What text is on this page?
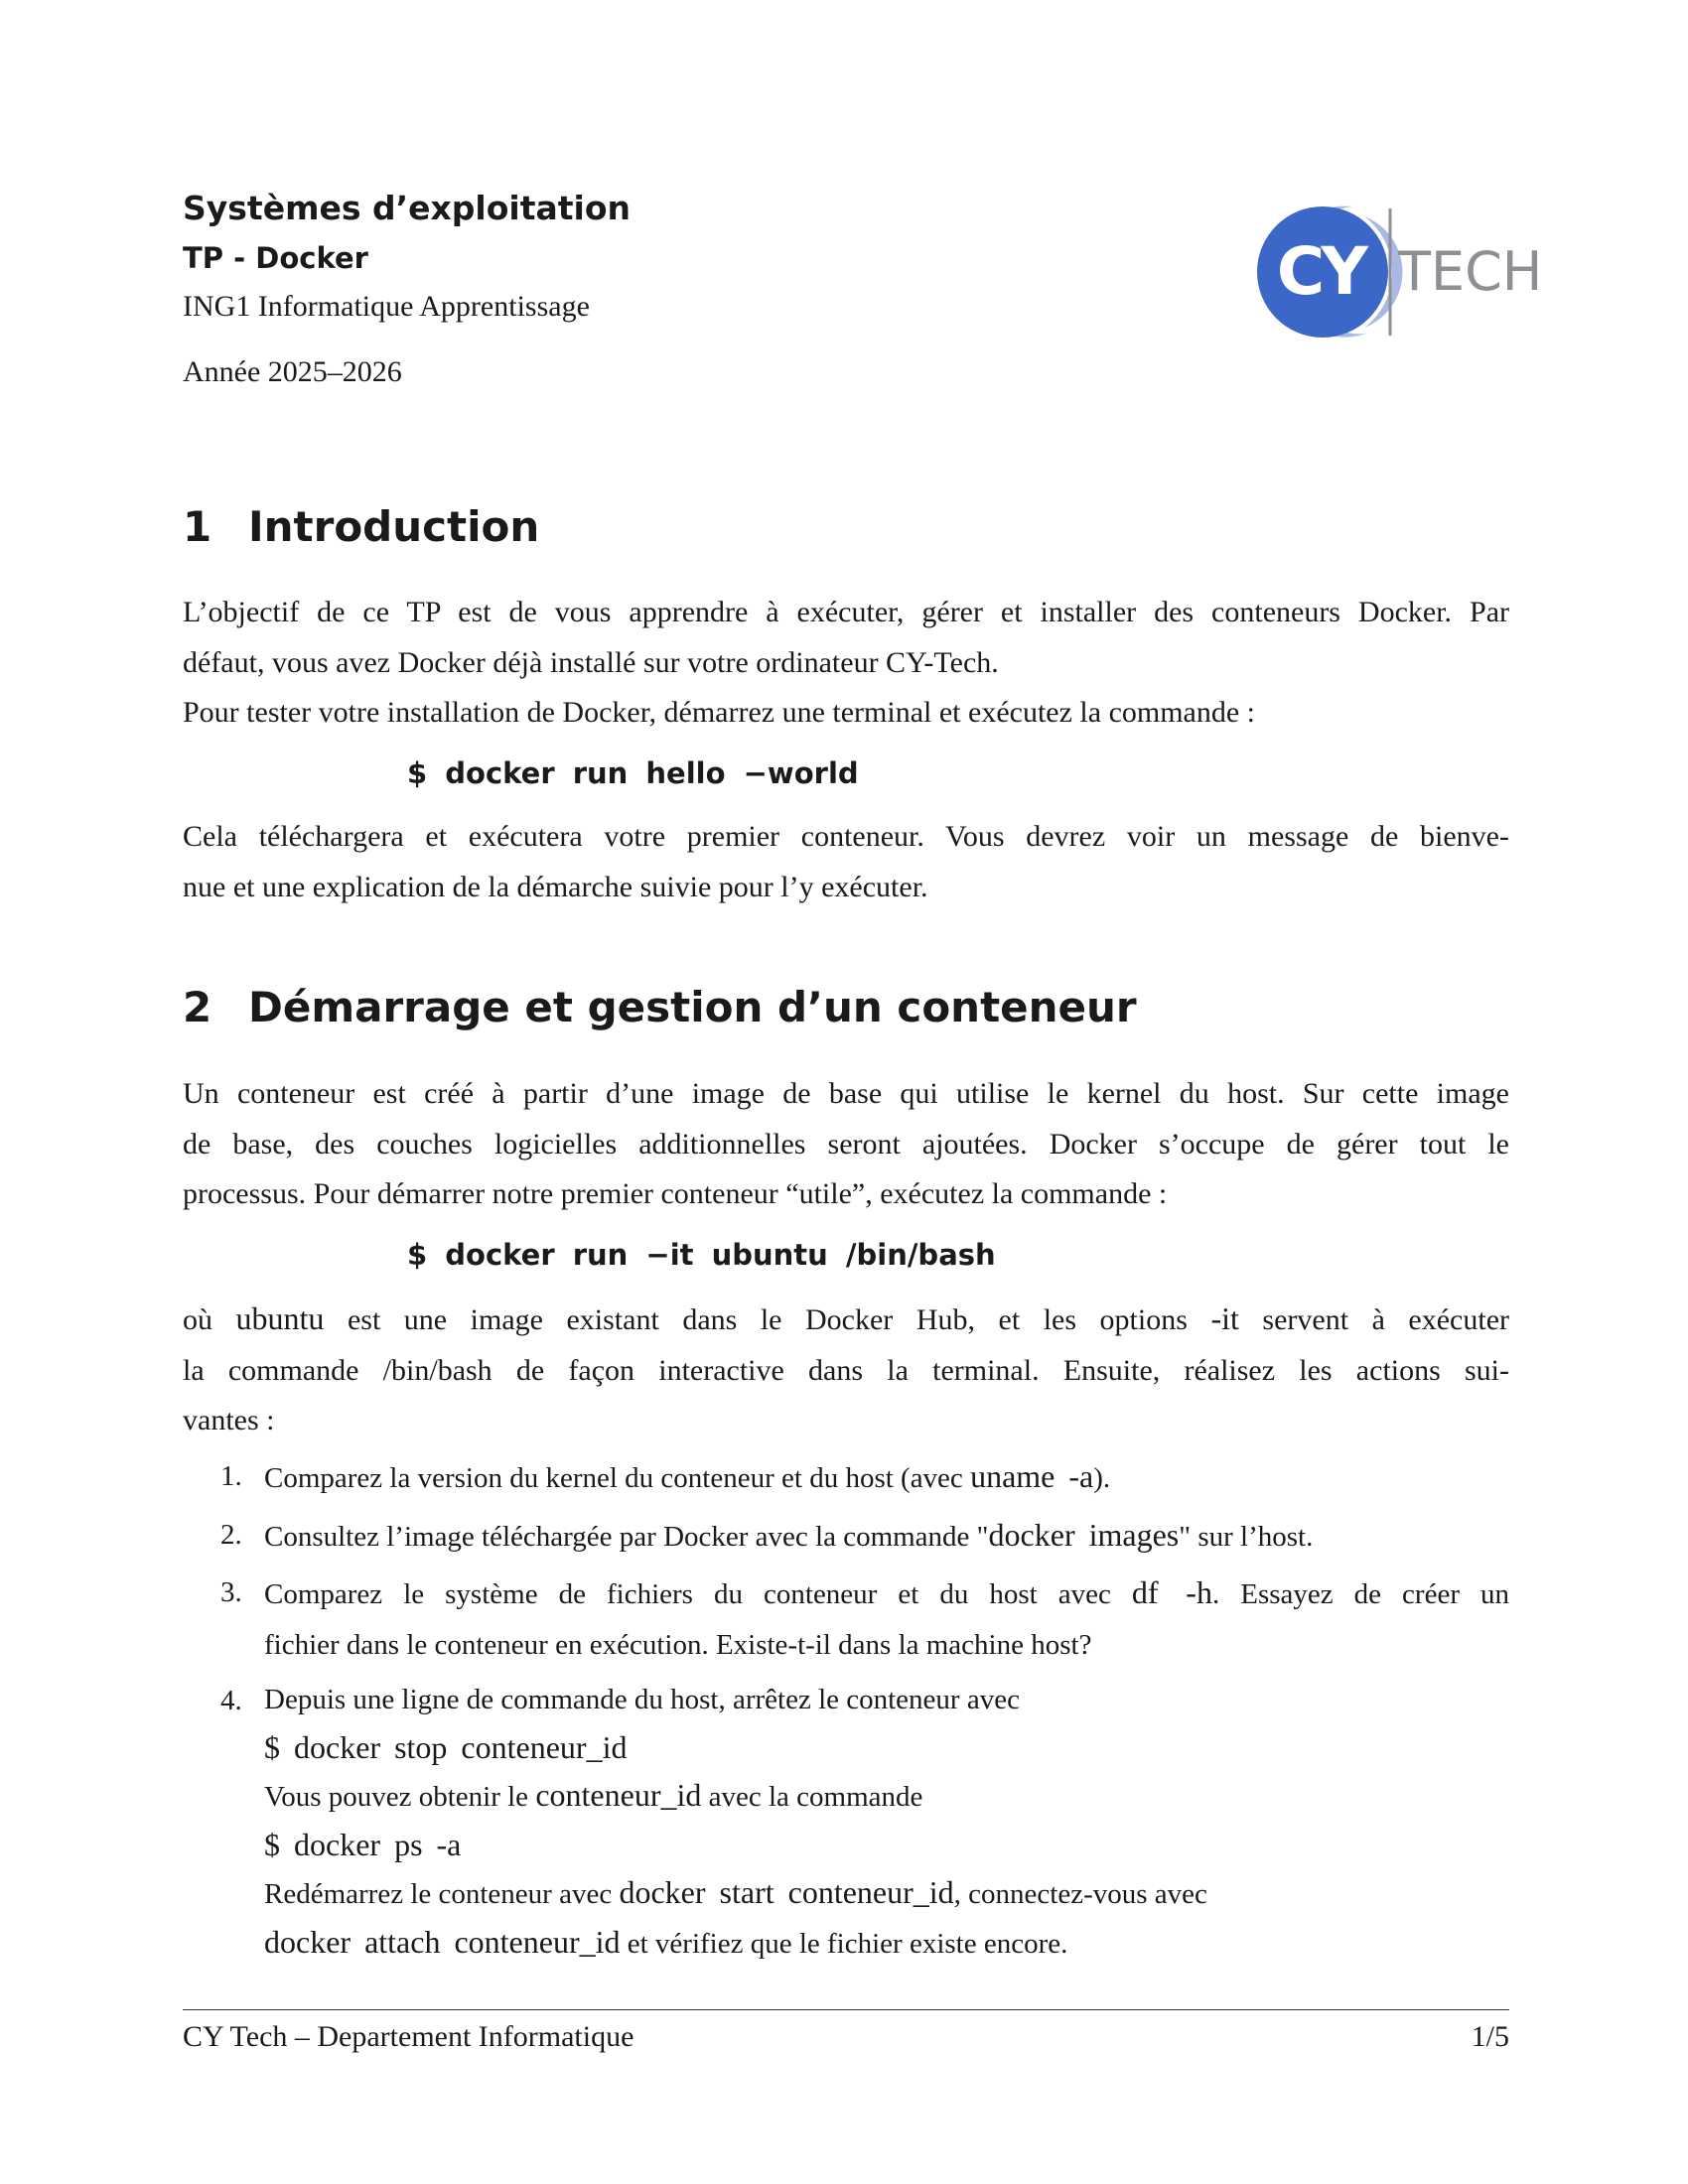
Systèmes d’exploitation
TP - Docker
ING1 Informatique Apprentissage
Année 2025–2026
CY TECH
1 Introduction
L’objectif de ce TP est de vous apprendre à exécuter, gérer et installer des conteneurs Docker. Par
défaut, vous avez Docker déjà installé sur votre ordinateur CY-Tech.
Pour tester votre installation de Docker, démarrez une terminal et exécutez la commande :
$ docker run hello −world
Cela téléchargera et exécutera votre premier conteneur. Vous devrez voir un message de bienve-
nue et une explication de la démarche suivie pour l’y exécuter.
2 Démarrage et gestion d’un conteneur
Un conteneur est créé à partir d’une image de base qui utilise le kernel du host. Sur cette image
de base, des couches logicielles additionnelles seront ajoutées. Docker s’occupe de gérer tout le
processus. Pour démarrer notre premier conteneur “utile”, exécutez la commande :
$ docker run −it ubuntu /bin/bash
où ubuntu est une image existant dans le Docker Hub, et les options -it servent à exécuter
la commande /bin/bash de façon interactive dans la terminal. Ensuite, réalisez les actions sui-
vantes :
1. Comparez la version du kernel du conteneur et du host (avec uname -a).
2. Consultez l’image téléchargée par Docker avec la commande "docker images" sur l’host.
3. Comparez le système de fichiers du conteneur et du host avec df -h. Essayez de créer un
fichier dans le conteneur en exécution. Existe-t-il dans la machine host?
4. Depuis une ligne de commande du host, arrêtez le conteneur avec
$ docker stop conteneur_id
Vous pouvez obtenir le conteneur_id avec la commande
$ docker ps -a
Redémarrez le conteneur avec docker start conteneur_id, connectez-vous avec
docker attach conteneur_id et vérifiez que le fichier existe encore.
CY Tech – Departement Informatique	1/5
